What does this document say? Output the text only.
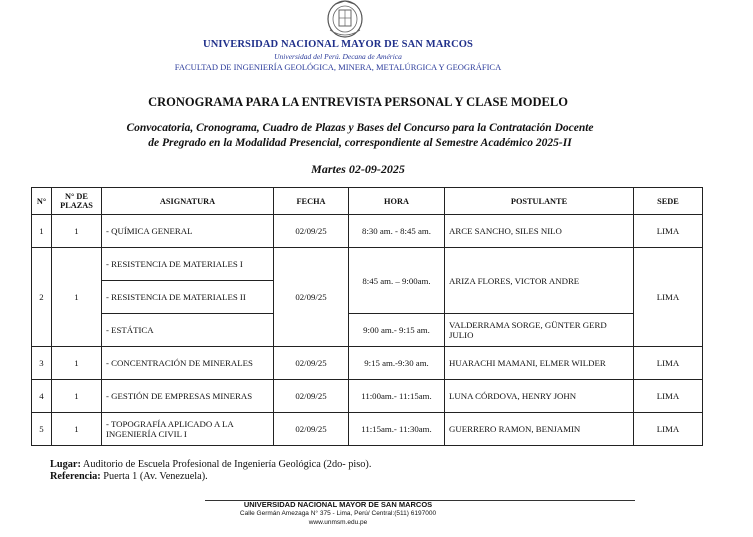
UNIVERSIDAD NACIONAL MAYOR DE SAN MARCOS
Universidad del Perú. Decana de América
FACULTAD DE INGENIERÍA GEOLÓGICA, MINERA, METALÚRGICA Y GEOGRÁFICA
CRONOGRAMA PARA LA ENTREVISTA PERSONAL Y CLASE MODELO
Convocatoria, Cronograma, Cuadro de Plazas y Bases del Concurso para la Contratación Docente
de Pregrado en la Modalidad Presencial, correspondiente al Semestre Académico 2025-II
Martes 02-09-2025
N°	N° DE PLAZAS	ASIGNATURA	FECHA	HORA	POSTULANTE	SEDE
1	1	- QUÍMICA GENERAL	02/09/25	8:30 am. - 8:45 am.	ARCE SANCHO, SILES NILO	LIMA
2	1	- RESISTENCIA DE MATERIALES I	02/09/25	8:45 am. – 9:00am.	ARIZA FLORES, VICTOR ANDRE	LIMA
		- RESISTENCIA DE MATERIALES II				
		- ESTÁTICA		9:00 am.- 9:15 am.	VALDERRAMA SORGE, GÜNTER GERD JULIO	
3	1	- CONCENTRACIÓN DE MINERALES	02/09/25	9:15 am.-9:30 am.	HUARACHI MAMANI, ELMER WILDER	LIMA
4	1	- GESTIÓN DE EMPRESAS MINERAS	02/09/25	11:00am.- 11:15am.	LUNA CÓRDOVA, HENRY JOHN	LIMA
5	1	- TOPOGRAFÍA APLICADO A LA INGENIERÍA CIVIL I	02/09/25	11:15am.- 11:30am.	GUERRERO RAMON, BENJAMIN	LIMA
Lugar: Auditorio de Escuela Profesional de Ingeniería Geológica (2do- piso).
Referencia: Puerta 1 (Av. Venezuela).
UNIVERSIDAD NACIONAL MAYOR DE SAN MARCOS
Calle Germán Amezaga N° 375 - Lima, Perú/ Central:(511) 6197000
www.unmsm.edu.pe
